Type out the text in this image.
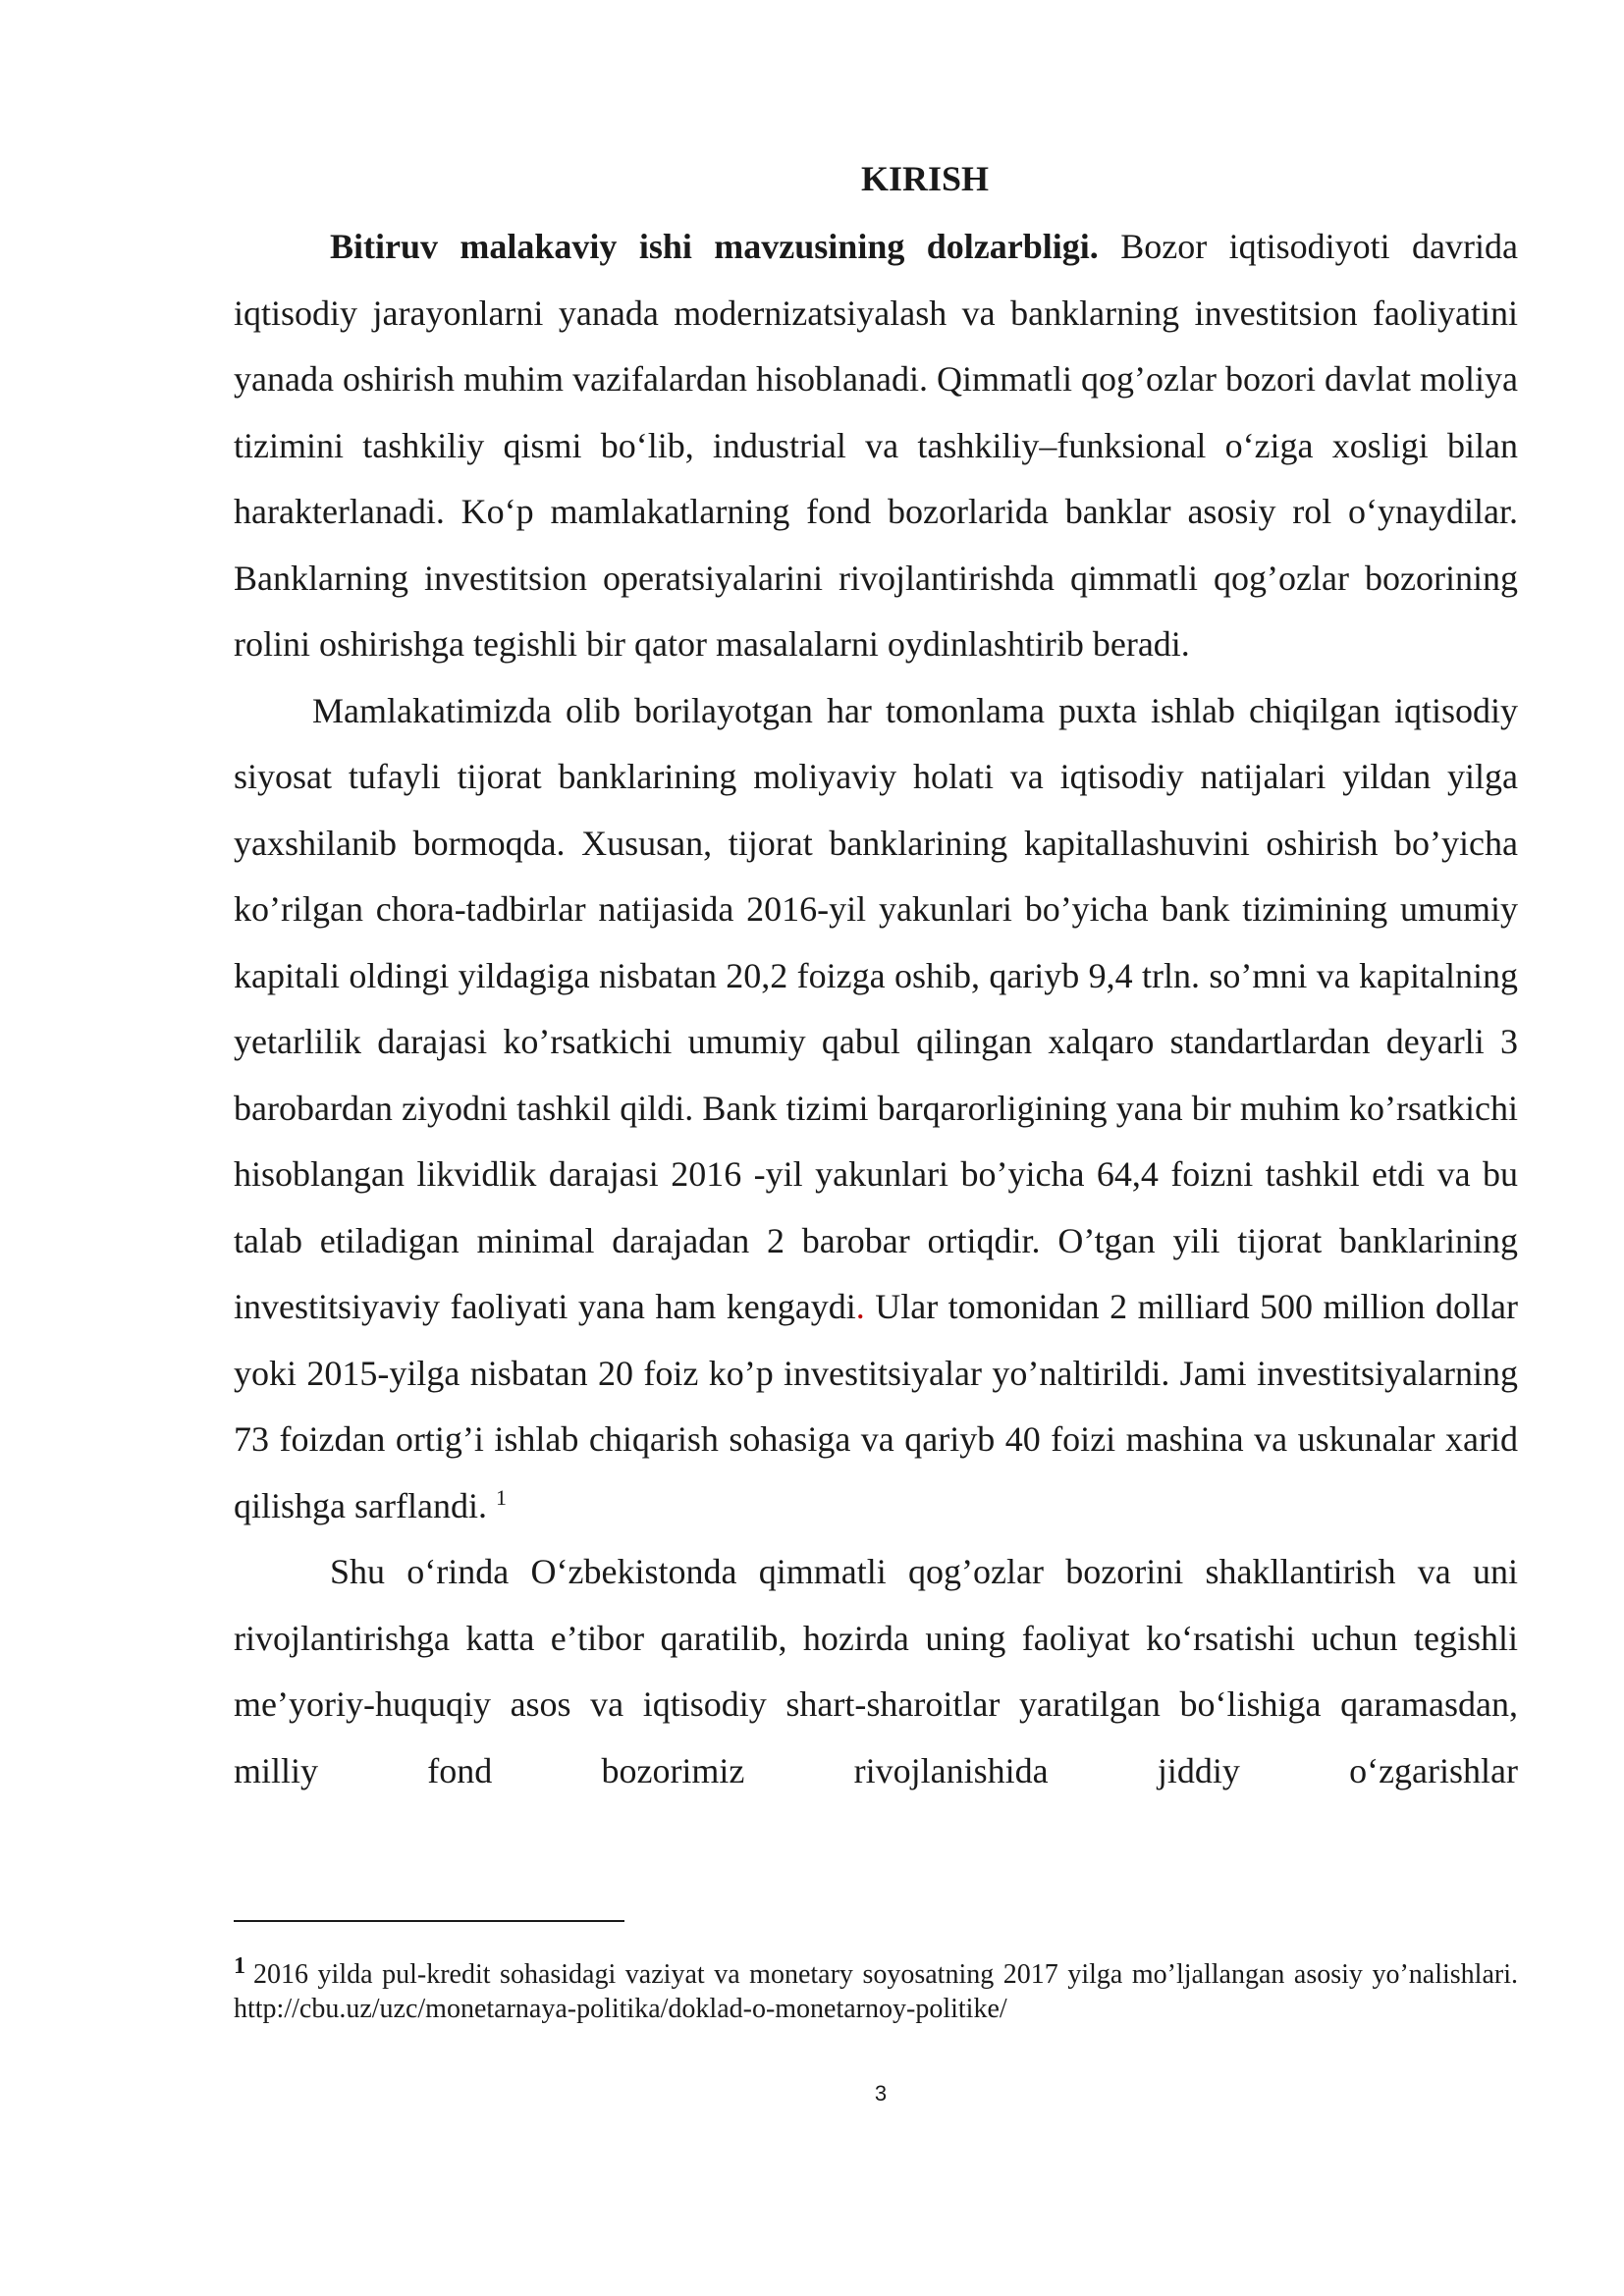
KIRISH

Bitiruv malakaviy ishi mavzusining dolzarbligi. Bozor iqtisodiyoti davrida iqtisodiy jarayonlarni yanada modernizatsiyalash va banklarning investitsion faoliyatini yanada oshirish muhim vazifalardan hisoblanadi. Qimmatli qog’ozlar bozori davlat moliya tizimini tashkiliy qismi bo‘lib, industrial va tashkiliy–funksional o‘ziga xosligi bilan harakterlanadi. Ko‘p mamlakatlarning fond bozorlarida banklar asosiy rol o‘ynaydilar. Banklarning investitsion operatsiyalarini rivojlantirishda qimmatli qog’ozlar bozorining rolini oshirishga tegishli bir qator masalalarni oydinlashtirib beradi.

Mamlakatimizda olib borilayotgan har tomonlama puxta ishlab chiqilgan iqtisodiy siyosat tufayli tijorat banklarining moliyaviy holati va iqtisodiy natijalari yildan yilga yaxshilanib bormoqda. Xususan, tijorat banklarining kapitallashuvini oshirish bo’yicha ko’rilgan chora-tadbirlar natijasida 2016-yil yakunlari bo’yicha bank tizimining umumiy kapitali oldingi yildagiga nisbatan 20,2 foizga oshib, qariyb 9,4 trln. so’mni va kapitalning yetarlilik darajasi ko’rsatkichi umumiy qabul qilingan xalqaro standartlardan deyarli 3 barobardan ziyodni tashkil qildi. Bank tizimi barqarorligining yana bir muhim ko’rsatkichi hisoblangan likvidlik darajasi 2016 -yil yakunlari bo’yicha 64,4 foizni tashkil etdi va bu talab etiladigan minimal darajadan 2 barobar ortiqdir. O’tgan yili tijorat banklarining investitsiyaviy faoliyati yana ham kengaydi. Ular tomonidan 2 milliard 500 million dollar yoki 2015-yilga nisbatan 20 foiz ko’p investitsiyalar yo’naltirildi. Jami investitsiyalarning 73 foizdan ortig’i ishlab chiqarish sohasiga va qariyb 40 foizi mashina va uskunalar xarid qilishga sarflandi. $^1$

Shu o‘rinda O‘zbekistonda qimmatli qog’ozlar bozorini shakllantirish va uni rivojlantirishga katta e’tibor qaratilib, hozirda uning faoliyat ko‘rsatishi uchun tegishli me’yoriy-huquqiy asos va iqtisodiy shart-sharoitlar yaratilgan bo‘lishiga qaramasdan, milliy fond bozorimiz rivojlanishida jiddiy o‘zgarishlar

1 2016 yilda pul-kredit sohasidagi vaziyat va monetary soyosatning 2017 yilga mo’ljallangan asosiy yo’nalishlari. http://cbu.uz/uzc/monetarnaya-politika/doklad-o-monetarnoy-politike/
3
